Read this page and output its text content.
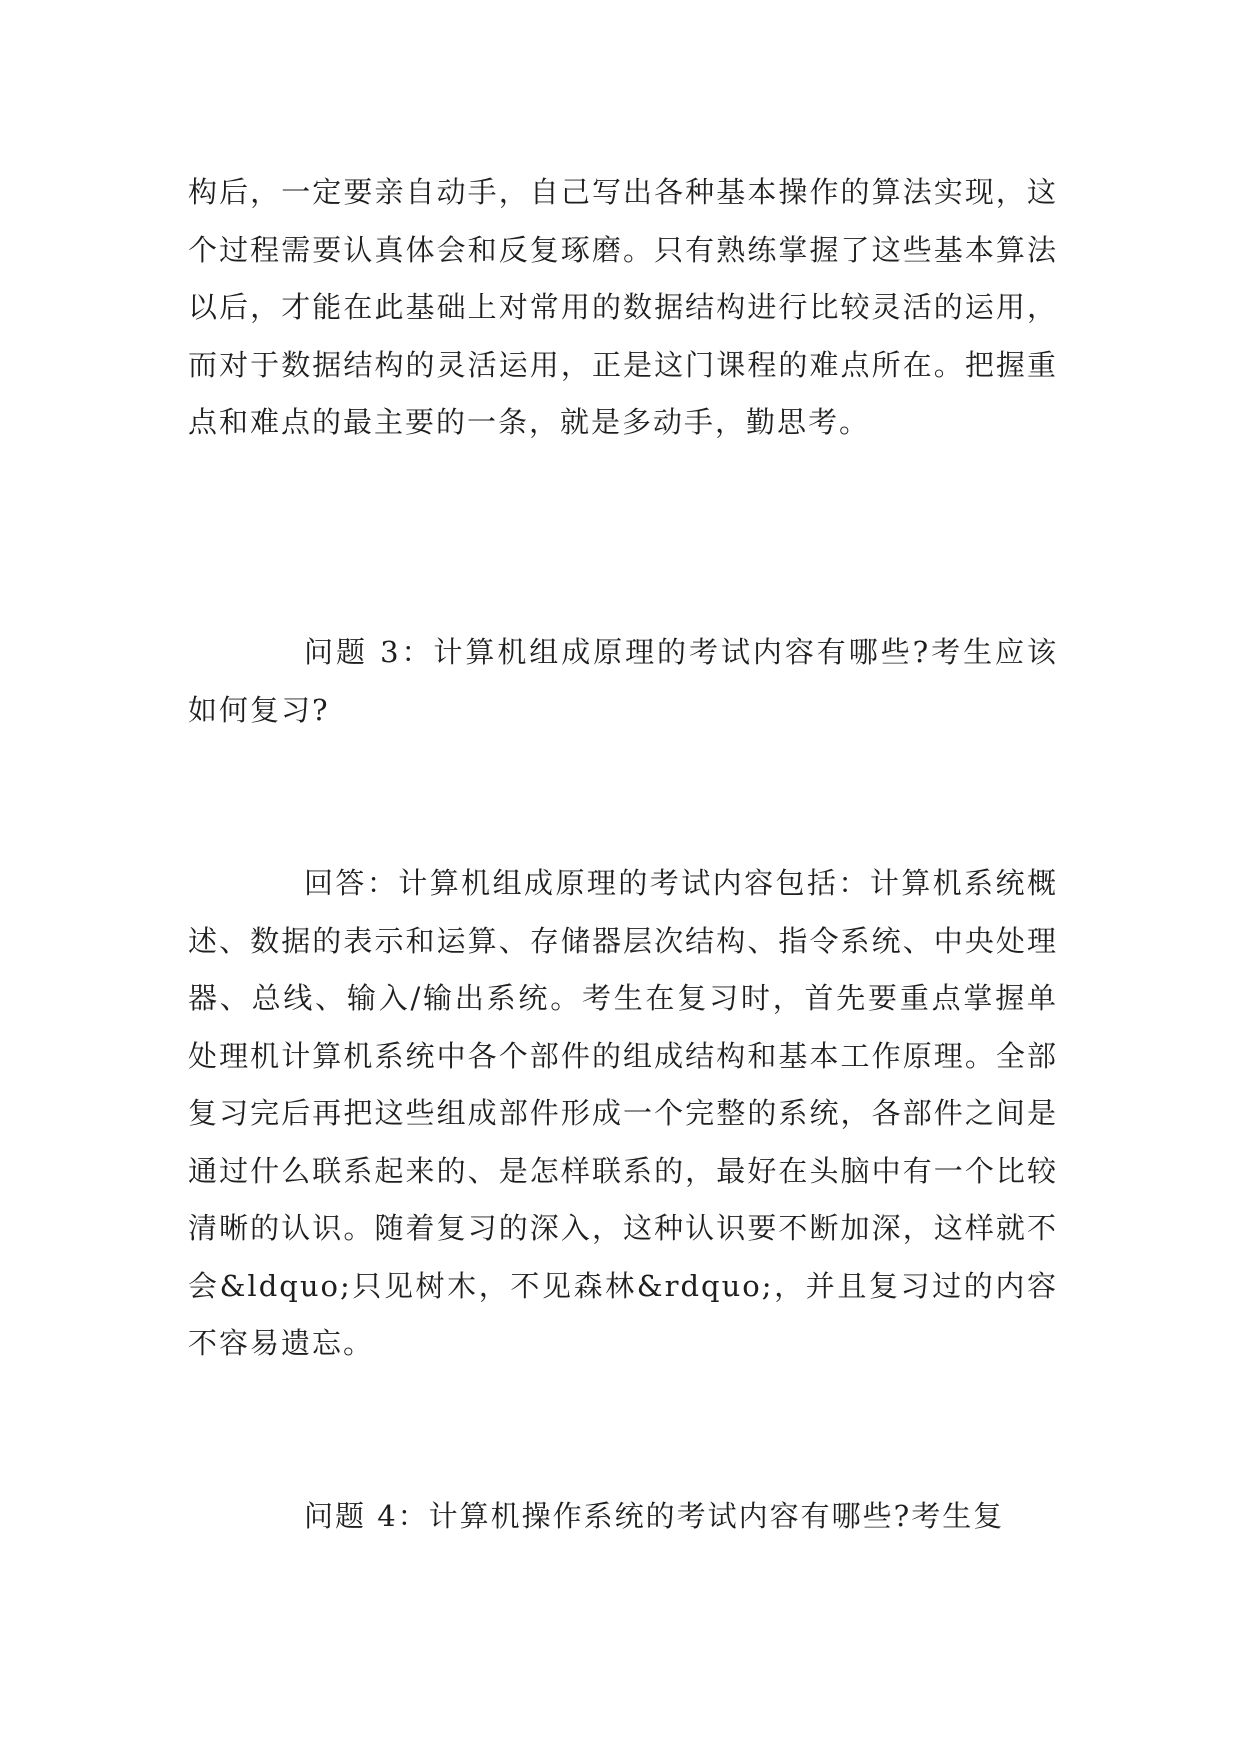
构后，一定要亲自动手，自己写出各种基本操作的算法实现，这个过程需要认真体会和反复琢磨。只有熟练掌握了这些基本算法以后，才能在此基础上对常用的数据结构进行比较灵活的运用，而对于数据结构的灵活运用，正是这门课程的难点所在。把握重点和难点的最主要的一条，就是多动手，勤思考。

问题 3：计算机组成原理的考试内容有哪些?考生应该如何复习?

回答：计算机组成原理的考试内容包括：计算机系统概述、数据的表示和运算、存储器层次结构、指令系统、中央处理器、总线、输入/输出系统。考生在复习时，首先要重点掌握单处理机计算机系统中各个部件的组成结构和基本工作原理。全部复习完后再把这些组成部件形成一个完整的系统，各部件之间是通过什么联系起来的、是怎样联系的，最好在头脑中有一个比较清晰的认识。随着复习的深入，这种认识要不断加深，这样就不会&ldquo;只见树木，不见森林&rdquo;，并且复习过的内容不容易遗忘。

问题 4：计算机操作系统的考试内容有哪些?考生复
